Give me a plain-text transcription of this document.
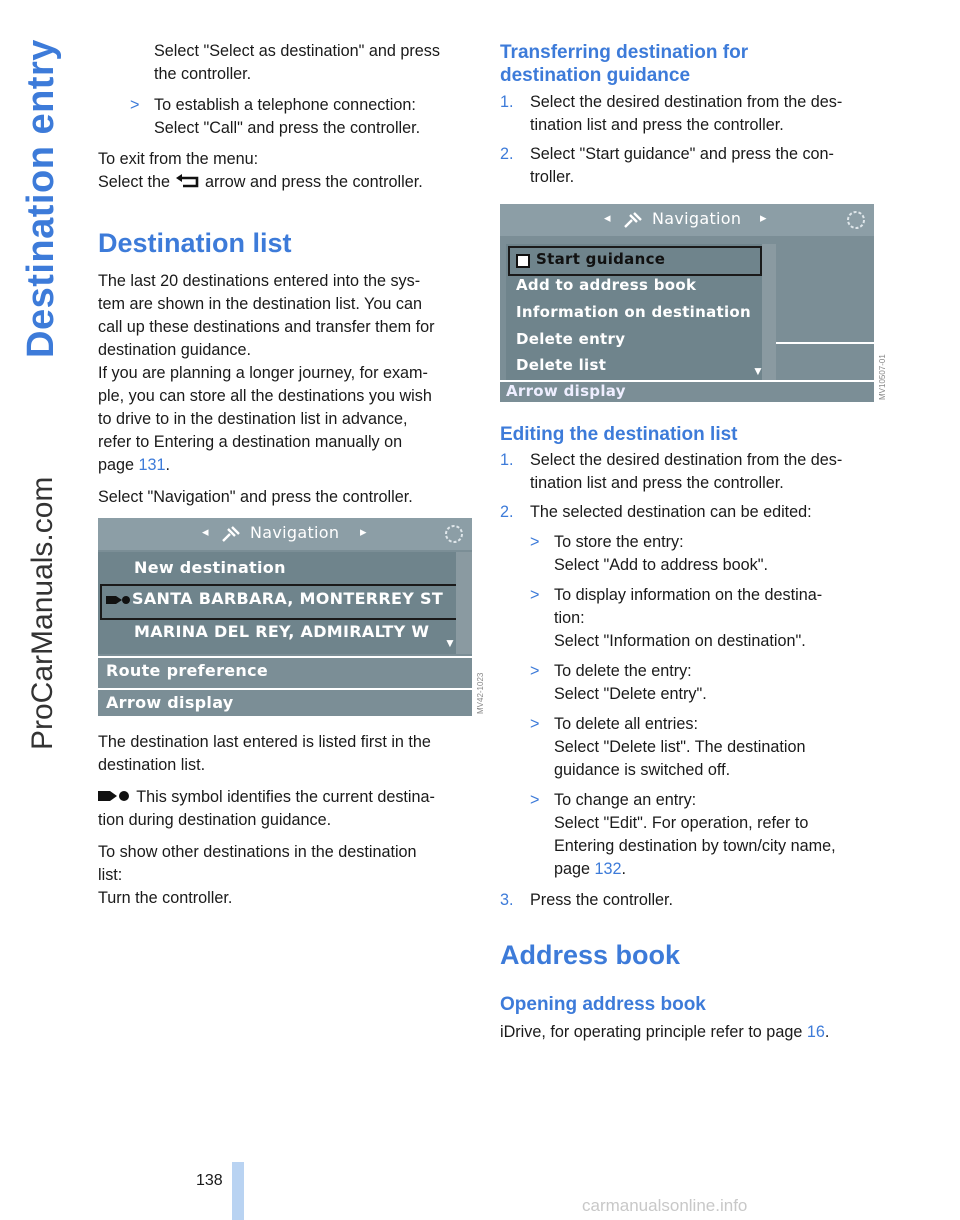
Destination entry
ProCarManuals.com

Select "Select as destination" and press

the controller.

> To establish a telephone connection:

Select "Call" and press the controller.

To exit from the menu:

Select the arrow and press the controller.

Destination list

The last 20 destinations entered into the sys-

tem are shown in the destination list. You can

call up these destinations and transfer them for

destination guidance.

If you are planning a longer journey, for exam-

ple, you can store all the destinations you wish

to drive to in the destination list in advance,

refer to Entering a destination manually on

page 131.

Select "Navigation" and press the controller.

◂	Navigation ▸
New destination
SANTA BARBARA, MONTERREY ST
MARINA DEL REY, ADMIRALTY W
▼
Route preference
Arrow display	MV42-1023

The destination last entered is listed first in the

destination list.

This symbol identifies the current destina-

tion during destination guidance.

To show other destinations in the destination

list:

Turn the controller.

Transferring destination for
destination guidance
1. Select the desired destination from the des-

tination list and press the controller.

2. Select "Start guidance" and press the con-

troller.

◂	Navigation ▸
Start guidance
Add to address book
Information on destination
Delete entry
Delete list	▼
Arrow display	MV10507-01
Editing the destination list
1. Select the desired destination from the des-

tination list and press the controller.

2. The selected destination can be edited:

> To store the entry:

Select "Add to address book".

> To display information on the destina-

tion:

Select "Information on destination".

> To delete the entry:

Select "Delete entry".

> To delete all entries:

Select "Delete list". The destination

guidance is switched off.

> To change an entry:

Select "Edit". For operation, refer to

Entering destination by town/city name,

page 132.

3. Press the controller.

Address book
Opening address book

iDrive, for operating principle refer to page 16.

138
carmanualsonline.info
